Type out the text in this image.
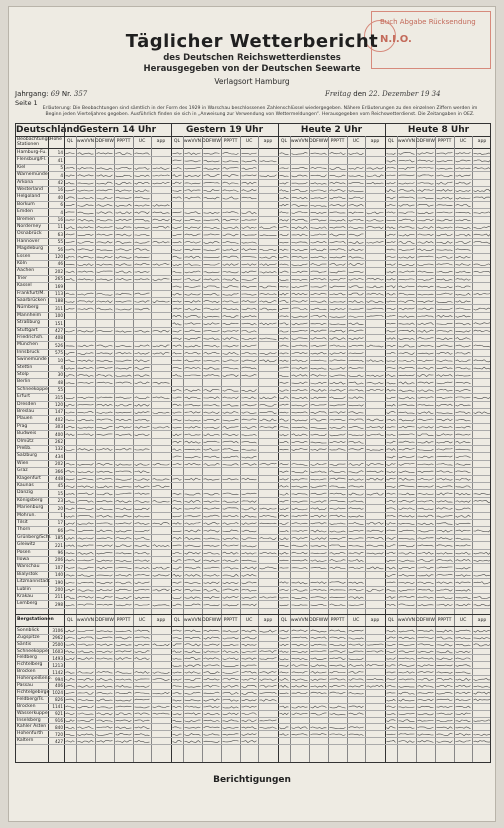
Buch Abgabe Rücksendung
N.I.O.
Täglicher Wetterbericht
des Deutschen Reichswetterdienstes
Herausgegeben von der Deutschen Seewarte
Verlagsort Hamburg
Jahrgang: 69 Nr. 357	Freitag den 22. Dezember 19 34
Seite 1
Erläuterung: Die Beobachtungen sind sämtlich in der Form des 1929 in Warschau beschlossenen Zahlenschlüssel wiedergegeben. Nähere Erläuterungen zu den einzelnen Ziffern werden im Beginn jeden Vierteljahres gegeben. Ausführlich finden sie sich in „Anweisung zur Verwendung von Wettermeldungen“. Herausgegeben vom Reichswetterdienst. Die Zeitangaben in OEZ.
Deutschland Gestern 14 Uhr	Gestern 19 Uhr	Heute 2 Uhr	Heute 8 Uhr
Beobachtungs-Stationen
Höhe	QL wwVVN DDFWW PPPTT	UC	app	QL wwVVN DDFWW PPPTT	UC	app	QL wwVVN DDFWW PPPTT	UC	app	QL wwVVN DDFWW PPPTT	UC	app
Hamburg-Fu.	14
Flensburg/Fl.	41
Kiel	5
Warnemünde	4
Arkona	42
Westerland	16
Helgoland	40
Borkum	6
Emden	4
Bremen	16
Norderney	11
Osnabrück	63
Hannover	55
Magdeburg	56
Essen	120
Köln	46
Aachen	202
Trier	265
Kassel	169
Frankfurt/M.	113
Saarbrücken	188
Nürnberg	311
Mannheim	100
Straßburg	151
Stuttgart	427
Friedrichsh.	408
München	526
Innsbruck	575
Swinemünde	10
Stettin	4
Stolp	30
Berlin	48
Schneekoppe	55
Erfurt	315
Dresden	120
Breslau	147
Plauen	402
Prag	303
Budweis	400
Olmütz	262
Preßb.	132
Salzburg	434
Wien	202
Graz	366
Klagenfurt	448
Kaunas	45
Danzig	15
Königsberg	23
Marienburg	20
Mohrun.	1
Tilsit	17
Thorn	66
Grünberg/Schl. 185
Gleiwitz	221
Posen	96
Ilowa	206
Warschau	107
Bialystok	140
Litzmannstadt	190
Lublin	200
Krakau	211
Lemberg	298
Bergstationen	QL wwVVN DDFWW PPPTT	UC	app	QL wwVVN DDFWW PPPTT	UC	app	QL wwVVN DDFWW PPPTT	UC	app	QL wwVVN DDFWW PPPTT	UC	app
Sonnblick	3106
Zugspitze	2962
Säntis	2500
Schneekoppe	1603
Feldberg	1493
Fichtelberg	1213
Brocken	1142
Hohenpeißenb. 994
Passau	406
Fichtelgebirge 1024
Feldberg/Ts.	826
Brocken	1141
Wasserkuppe	921
Inselsberg	916
Kahler Asten	840
Hohenfurth	720
Kaltern	427
Berichtigungen
